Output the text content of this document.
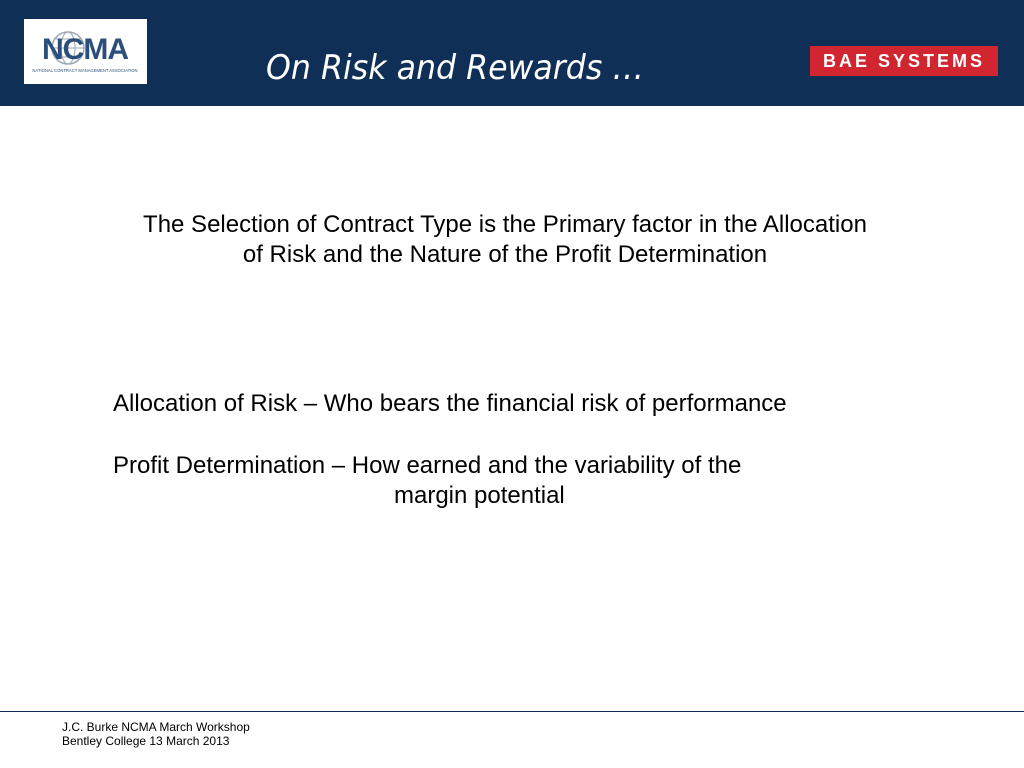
NCMA
NATIONAL CONTRACT MANAGEMENT ASSOCIATION	On Risk and Rewards …	BAE SYSTEMS
The Selection of Contract Type is the Primary factor in the Allocation
of Risk and the Nature of the Profit Determination
Allocation of Risk – Who bears the financial risk of performance
Profit Determination – How earned and the variability of the
margin potential
J.C. Burke NCMA March Workshop
Bentley College 13 March 2013
